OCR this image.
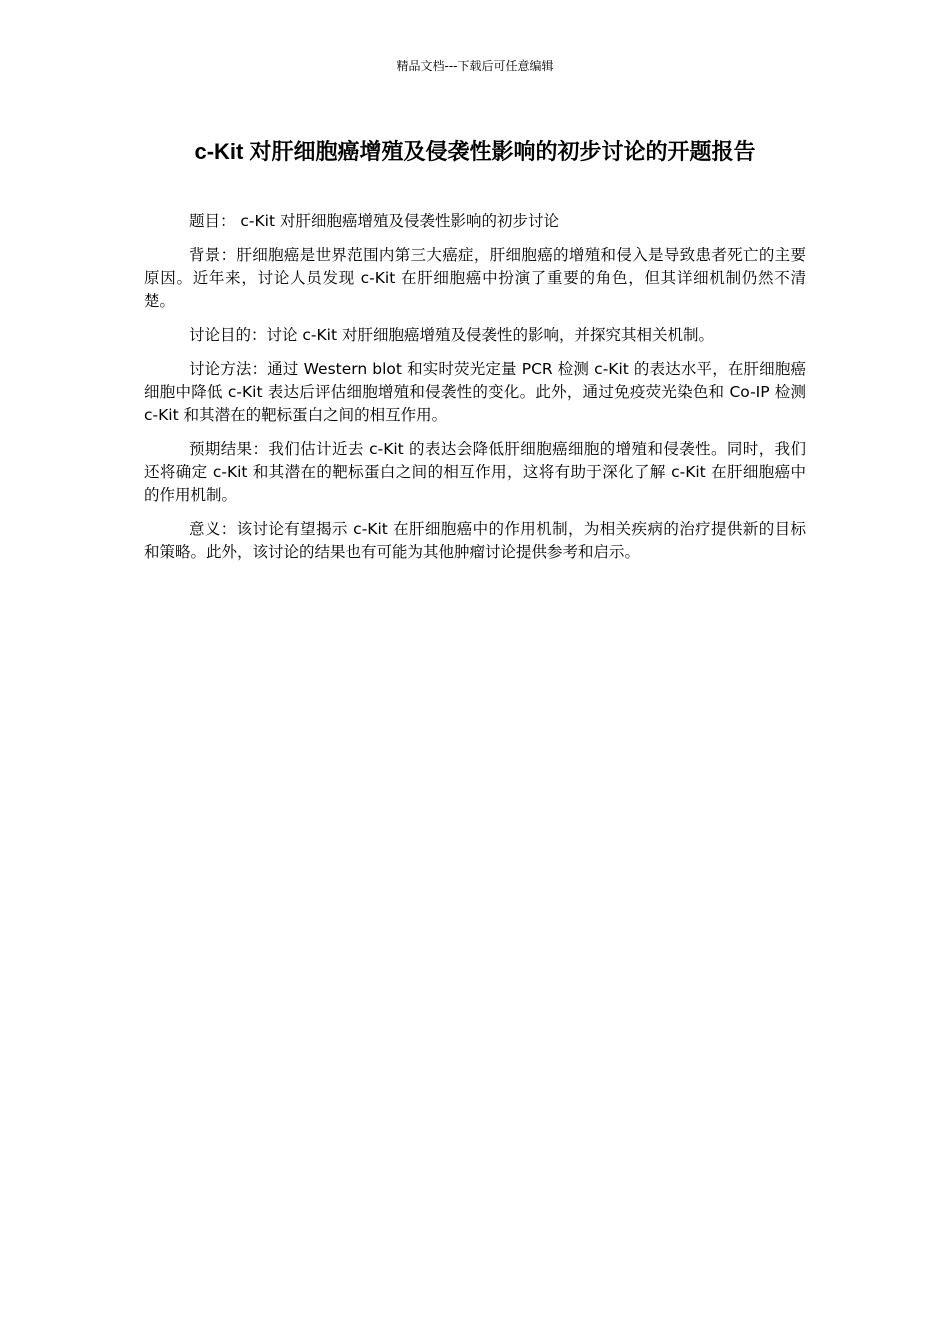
精品文档---下载后可任意编辑
c-Kit 对肝细胞癌增殖及侵袭性影响的初步讨论的开题报告

题目： c-Kit 对肝细胞癌增殖及侵袭性影响的初步讨论

背景：肝细胞癌是世界范围内第三大癌症，肝细胞癌的增殖和侵入是导致患者死亡的主要原因。近年来，讨论人员发现 c-Kit 在肝细胞癌中扮演了重要的角色，但其详细机制仍然不清楚。

讨论目的：讨论 c-Kit 对肝细胞癌增殖及侵袭性的影响，并探究其相关机制。

讨论方法：通过 Western blot 和实时荧光定量 PCR 检测 c-Kit 的表达水平，在肝细胞癌细胞中降低 c-Kit 表达后评估细胞增殖和侵袭性的变化。此外，通过免疫荧光染色和 Co-IP 检测 c-Kit 和其潜在的靶标蛋白之间的相互作用。

预期结果：我们估计近去 c-Kit 的表达会降低肝细胞癌细胞的增殖和侵袭性。同时，我们还将确定 c-Kit 和其潜在的靶标蛋白之间的相互作用，这将有助于深化了解 c-Kit 在肝细胞癌中的作用机制。

意义：该讨论有望揭示 c-Kit 在肝细胞癌中的作用机制，为相关疾病的治疗提供新的目标和策略。此外，该讨论的结果也有可能为其他肿瘤讨论提供参考和启示。
